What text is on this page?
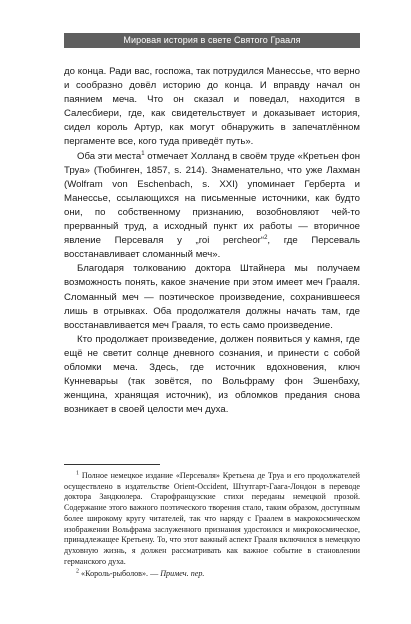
Мировая история в свете Святого Грааля

до конца. Ради вас, госпожа, так потрудился Манессье, что верно и сообразно довёл историю до конца. И вправду начал он паянием меча. Что он сказал и поведал, находится в Салесбиери, где, как свидетельствует и доказывает история, сидел король Артур, как могут обнаружить в запечатлённом пергаменте все, кого туда приведёт путь».

Оба эти места$^1$ отмечает Холланд в своём труде «Кретьен фон Труа» (Тюбинген, 1857, s. 214). Знаменательно, что уже Лахман (Wolfram von Eschenbach, s. XXI) упоминает Герберта и Манессье, ссылающихся на письменные источники, как будто они, по собственному признанию, возобновляют чей-то прерванный труд, а исходный пункт их работы — вторичное явление Персеваля у „roi percheor“$^2$, где Персеваль восстанавливает сломанный меч».

Благодаря толкованию доктора Штайнера мы получаем возможность понять, какое значение при этом имеет меч Грааля. Сломанный меч — поэтическое произведение, сохранившееся лишь в отрывках. Оба продолжателя должны начать там, где восстанавливается меч Грааля, то есть само произведение.

Кто продолжает произведение, должен появиться у камня, где ещё не светит солнце дневного сознания, и принести с собой обломки меча. Здесь, где источник вдохновения, ключ Кунневарьы (так зовётся, по Вольфраму фон Эшенбаху, женщина, хранящая источник), из обломков предания снова возникает в своей целости меч духа.

$^1$ Полное немецкое издание «Персеваля» Кретьена де Труа и его продолжателей осуществлено в издательстве Orient-Occident, Штутгарт-Гаага-Лондон в переводе доктора Зандкюлера. Старофранцузские стихи переданы немецкой прозой. Содержание этого важного поэтического творения стало, таким образом, доступным более широкому кругу читателей, так что наряду с Граалем в макрокосмическом изображении Вольфрама заслуженного признания удостоился и микрокосмическое, принадлежащее Кретьену. То, что этот важный аспект Грааля включился в немецкую духовную жизнь, я должен рассматривать как важное событие в становлении германского духа.

$^2$ «Король-рыболов». — Примеч. пер.
